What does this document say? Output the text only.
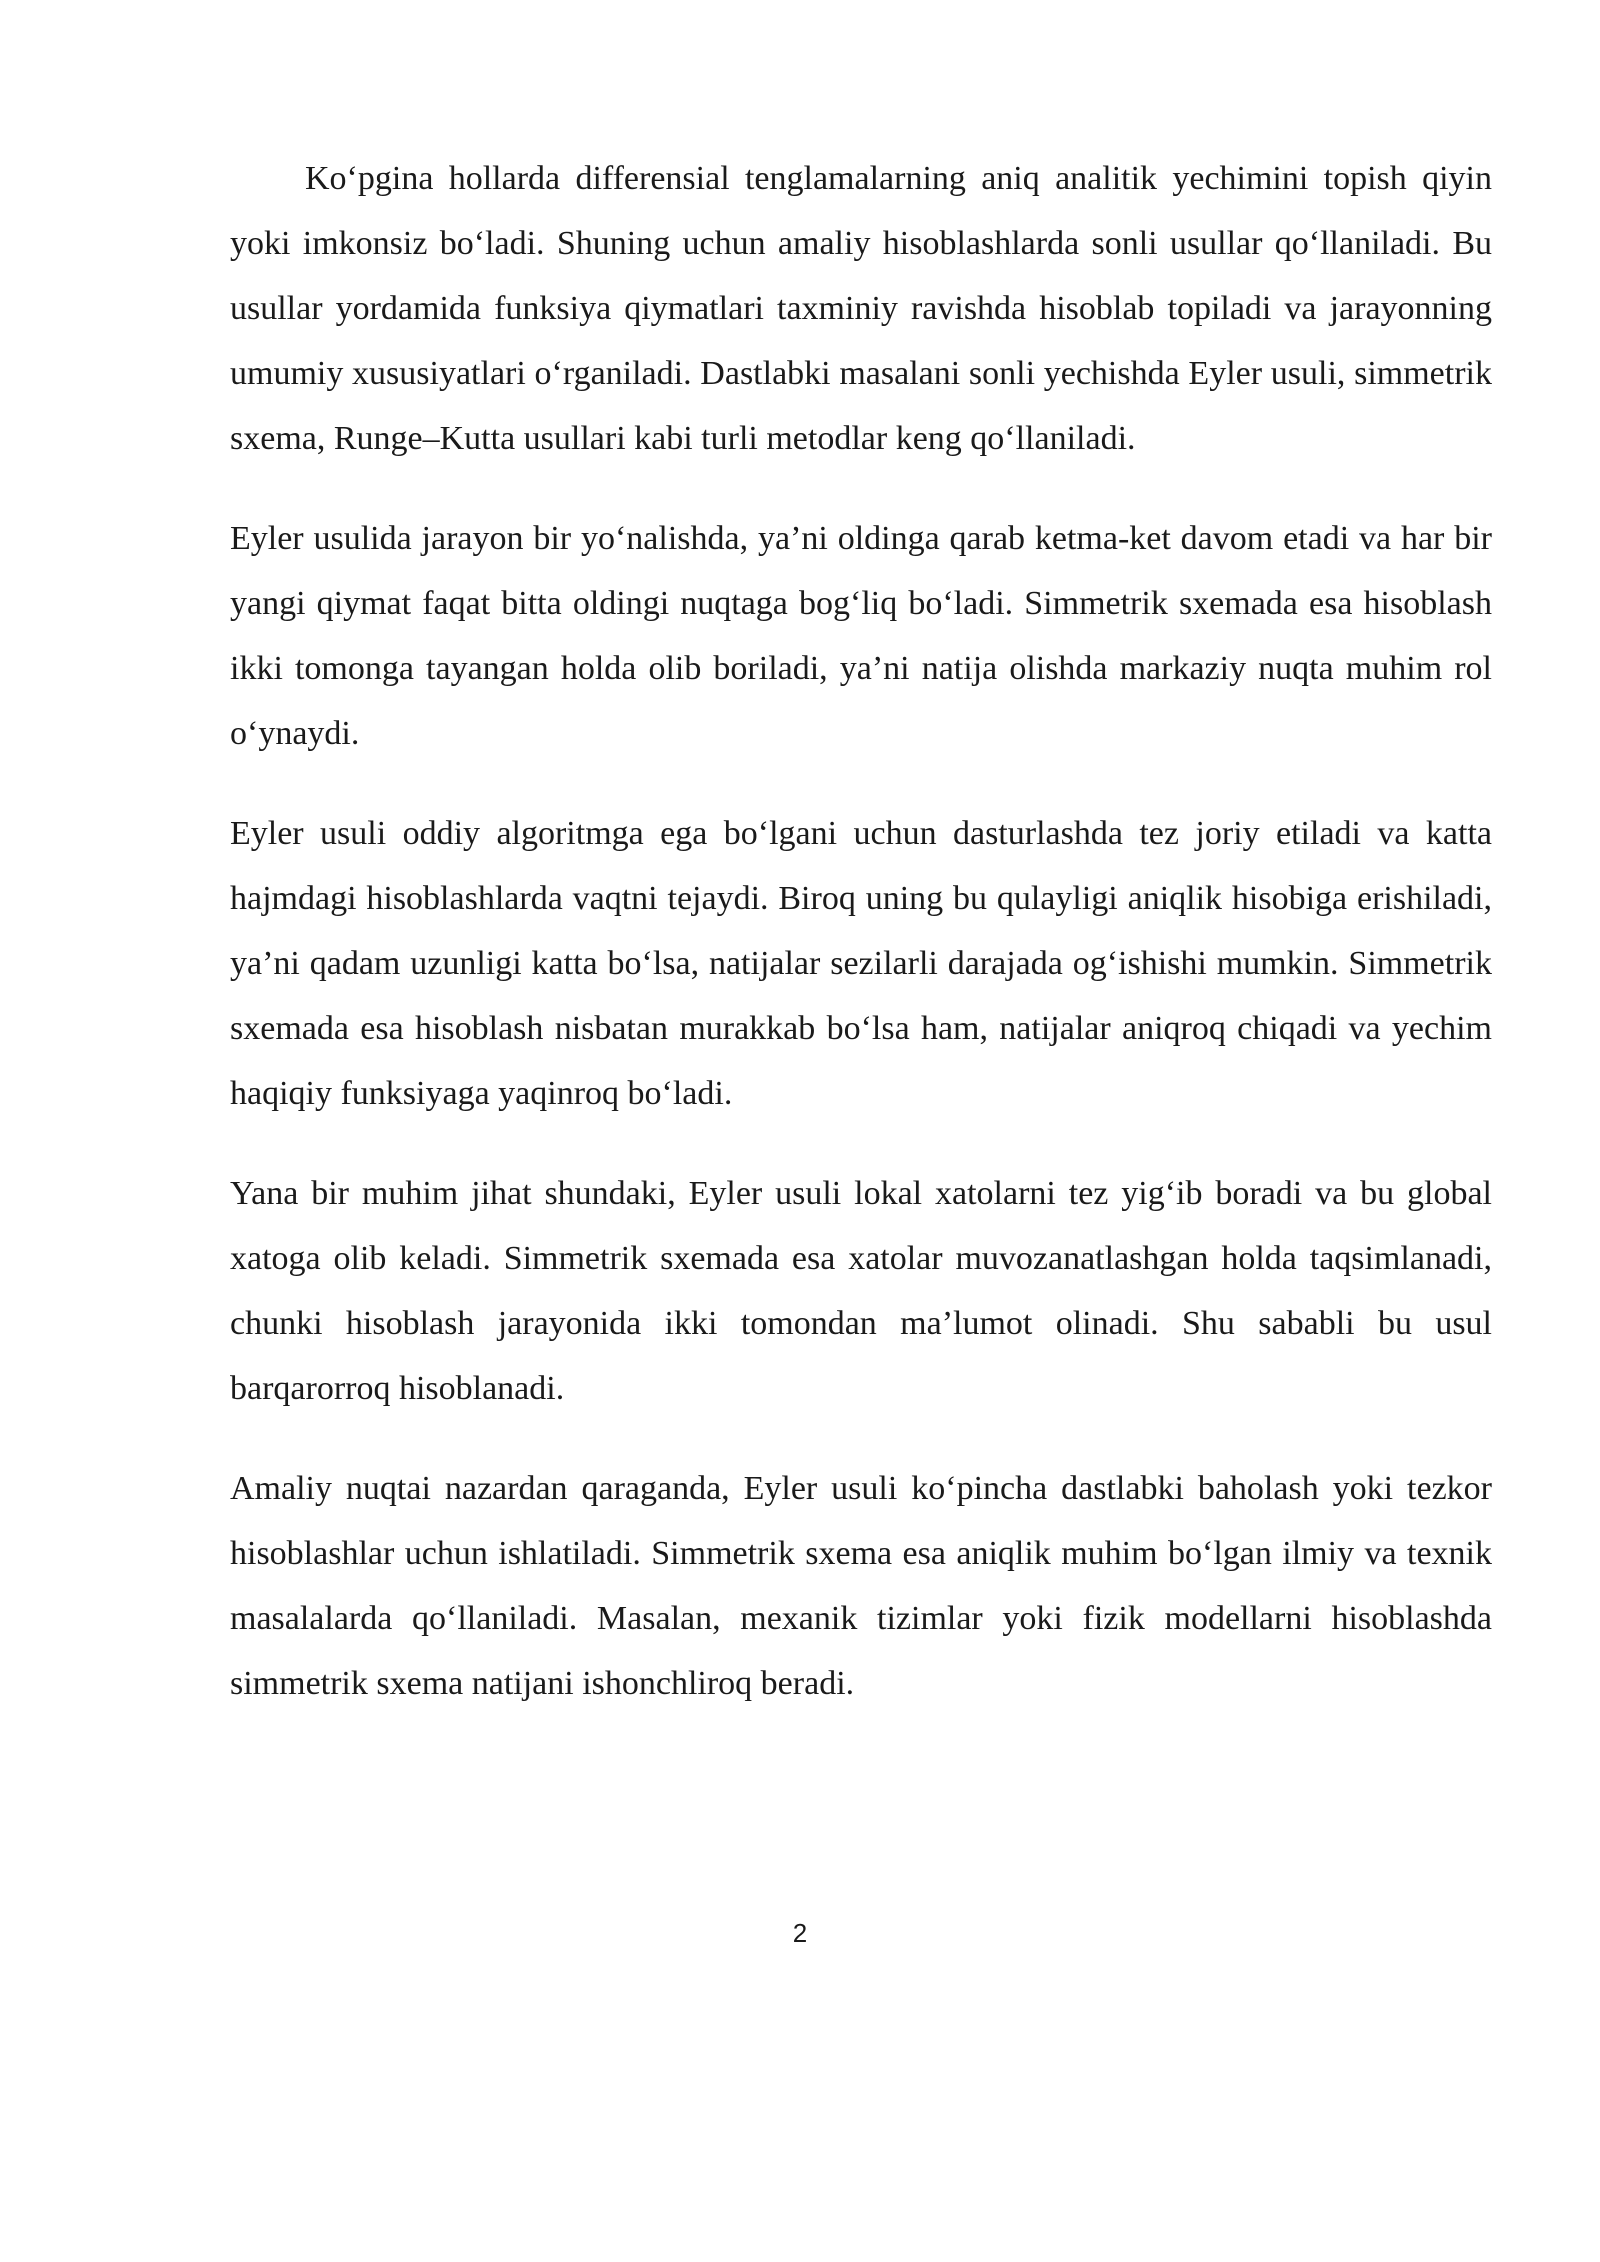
Ko‘pgina hollarda differensial tenglamalarning aniq analitik yechimini topish qiyin yoki imkonsiz bo‘ladi. Shuning uchun amaliy hisoblashlarda sonli usullar qo‘llaniladi. Bu usullar yordamida funksiya qiymatlari taxminiy ravishda hisoblab topiladi va jarayonning umumiy xususiyatlari o‘rganiladi. Dastlabki masalani sonli yechishda Eyler usuli, simmetrik sxema, Runge–Kutta usullari kabi turli metodlar keng qo‘llaniladi.

Eyler usulida jarayon bir yo‘nalishda, ya’ni oldinga qarab ketma-ket davom etadi va har bir yangi qiymat faqat bitta oldingi nuqtaga bog‘liq bo‘ladi. Simmetrik sxemada esa hisoblash ikki tomonga tayangan holda olib boriladi, ya’ni natija olishda markaziy nuqta muhim rol o‘ynaydi.

Eyler usuli oddiy algoritmga ega bo‘lgani uchun dasturlashda tez joriy etiladi va katta hajmdagi hisoblashlarda vaqtni tejaydi. Biroq uning bu qulayligi aniqlik hisobiga erishiladi, ya’ni qadam uzunligi katta bo‘lsa, natijalar sezilarli darajada og‘ishishi mumkin. Simmetrik sxemada esa hisoblash nisbatan murakkab bo‘lsa ham, natijalar aniqroq chiqadi va yechim haqiqiy funksiyaga yaqinroq bo‘ladi.

Yana bir muhim jihat shundaki, Eyler usuli lokal xatolarni tez yig‘ib boradi va bu global xatoga olib keladi. Simmetrik sxemada esa xatolar muvozanatlashgan holda taqsimlanadi, chunki hisoblash jarayonida ikki tomondan ma’lumot olinadi. Shu sababli bu usul barqarorroq hisoblanadi.

Amaliy nuqtai nazardan qaraganda, Eyler usuli ko‘pincha dastlabki baholash yoki tezkor hisoblashlar uchun ishlatiladi. Simmetrik sxema esa aniqlik muhim bo‘lgan ilmiy va texnik masalalarda qo‘llaniladi. Masalan, mexanik tizimlar yoki fizik modellarni hisoblashda simmetrik sxema natijani ishonchliroq beradi.

2
